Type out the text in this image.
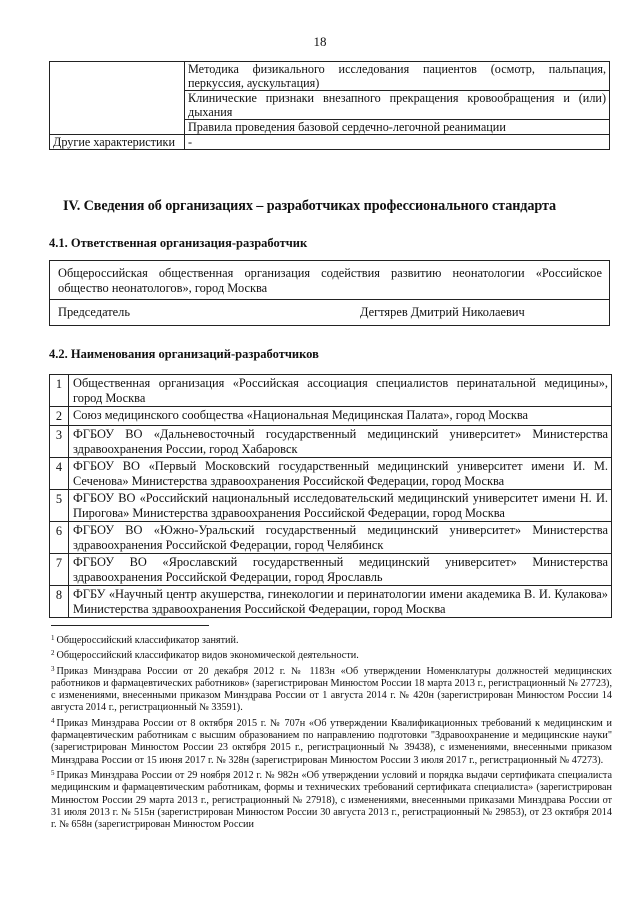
18
	Методика физикального исследования пациентов (осмотр, пальпация, перкуссия, аускультация)
	Клинические признаки внезапного прекращения кровообращения и (или) дыхания
	Правила проведения базовой сердечно-легочной реанимации
Другие характеристики	-
IV. Сведения об организациях – разработчиках профессионального стандарта
4.1. Ответственная организация-разработчик
Общероссийская общественная организация содействия развитию неонатологии «Российское общество неонатологов», город Москва
Председатель	Дегтярев Дмитрий Николаевич
4.2. Наименования организаций-разработчиков
1	Общественная организация «Российская ассоциация специалистов перинатальной медицины», город Москва
2	Союз медицинского сообщества «Национальная Медицинская Палата», город Москва
3	ФГБОУ ВО «Дальневосточный государственный медицинский университет» Министерства здравоохранения России, город Хабаровск
4	ФГБОУ ВО «Первый Московский государственный медицинский университет имени И. М. Сеченова» Министерства здравоохранения Российской Федерации, город Москва
5	ФГБОУ ВО «Российский национальный исследовательский медицинский университет имени Н. И. Пирогова» Министерства здравоохранения Российской Федерации, город Москва
6	ФГБОУ ВО «Южно-Уральский государственный медицинский университет» Министерства здравоохранения Российской Федерации, город Челябинск
7	ФГБОУ ВО «Ярославский государственный медицинский университет» Министерства здравоохранения Российской Федерации, город Ярославль
8	ФГБУ «Научный центр акушерства, гинекологии и перинатологии имени академика В. И. Кулакова» Министерства здравоохранения Российской Федерации, город Москва
$^1$ Общероссийский классификатор занятий.
$^2$ Общероссийский классификатор видов экономической деятельности.
$^3$ Приказ Минздрава России от 20 декабря 2012 г. № 1183н «Об утверждении Номенклатуры должностей медицинских работников и фармацевтических работников» (зарегистрирован Минюстом России 18 марта 2013 г., регистрационный № 27723), с изменениями, внесенными приказом Минздрава России от 1 августа 2014 г. № 420н (зарегистрирован Минюстом России 14 августа 2014 г., регистрационный № 33591).
$^4$ Приказ Минздрава России от 8 октября 2015 г. № 707н «Об утверждении Квалификационных требований к медицинским и фармацевтическим работникам с высшим образованием по направлению подготовки "Здравоохранение и медицинские науки" (зарегистрирован Минюстом России 23 октября 2015 г., регистрационный № 39438), с изменениями, внесенными приказом Минздрава России от 15 июня 2017 г. № 328н (зарегистрирован Минюстом России 3 июля 2017 г., регистрационный № 47273).
$^5$ Приказ Минздрава России от 29 ноября 2012 г. № 982н «Об утверждении условий и порядка выдачи сертификата специалиста медицинским и фармацевтическим работникам, формы и технических требований сертификата специалиста» (зарегистрирован Минюстом России 29 марта 2013 г., регистрационный № 27918), с изменениями, внесенными приказами Минздрава России от 31 июля 2013 г. № 515н (зарегистрирован Минюстом России 30 августа 2013 г., регистрационный № 29853), от 23 октября 2014 г. № 658н (зарегистрирован Минюстом России
